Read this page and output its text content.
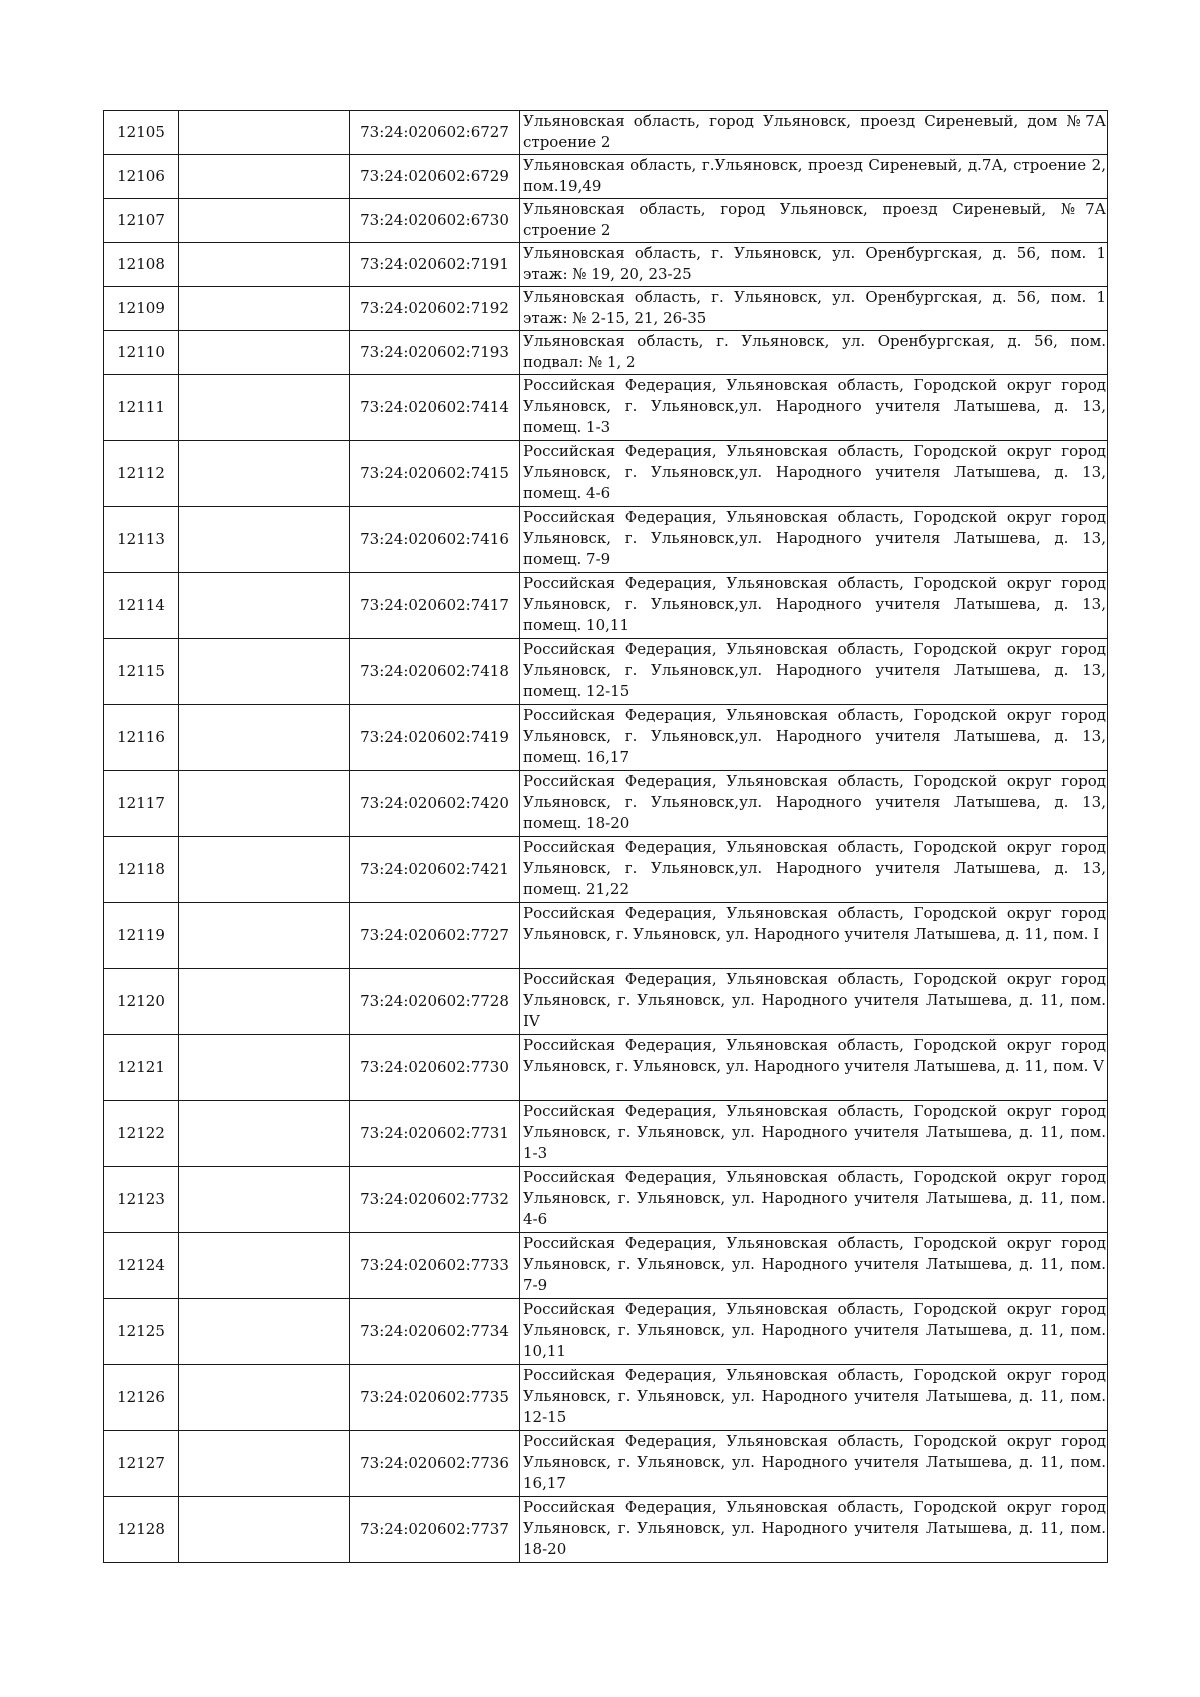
12105		73:24:020602:6727	Ульяновская область, город Ульяновск, проезд Сиреневый, дом №7А строение 2

12106		73:24:020602:6729	Ульяновская область, г.Ульяновск, проезд Сиреневый, д.7А, строение 2, пом.19,49

12107		73:24:020602:6730	Ульяновская область, город Ульяновск, проезд Сиреневый, №7А строение 2

12108		73:24:020602:7191	Ульяновская область, г. Ульяновск, ул. Оренбургская, д. 56, пом. 1 этаж: № 19, 20, 23-25

12109		73:24:020602:7192	Ульяновская область, г. Ульяновск, ул. Оренбургская, д. 56, пом. 1 этаж: № 2-15, 21, 26-35

12110		73:24:020602:7193	Ульяновская область, г. Ульяновск, ул. Оренбургская, д. 56, пом. подвал: № 1, 2

12111		73:24:020602:7414	Российская Федерация, Ульяновская область, Городской округ город Ульяновск, г. Ульяновск,ул. Народного учителя Латышева, д. 13, помещ. 1-3

12112		73:24:020602:7415	Российская Федерация, Ульяновская область, Городской округ город Ульяновск, г. Ульяновск,ул. Народного учителя Латышева, д. 13, помещ. 4-6

12113		73:24:020602:7416	Российская Федерация, Ульяновская область, Городской округ город Ульяновск, г. Ульяновск,ул. Народного учителя Латышева, д. 13, помещ. 7-9

12114		73:24:020602:7417	Российская Федерация, Ульяновская область, Городской округ город Ульяновск, г. Ульяновск,ул. Народного учителя Латышева, д. 13, помещ. 10,11

12115		73:24:020602:7418	Российская Федерация, Ульяновская область, Городской округ город Ульяновск, г. Ульяновск,ул. Народного учителя Латышева, д. 13, помещ. 12-15

12116		73:24:020602:7419	Российская Федерация, Ульяновская область, Городской округ город Ульяновск, г. Ульяновск,ул. Народного учителя Латышева, д. 13, помещ. 16,17

12117		73:24:020602:7420	Российская Федерация, Ульяновская область, Городской округ город Ульяновск, г. Ульяновск,ул. Народного учителя Латышева, д. 13, помещ. 18-20

12118		73:24:020602:7421	Российская Федерация, Ульяновская область, Городской округ город Ульяновск, г. Ульяновск,ул. Народного учителя Латышева, д. 13, помещ. 21,22

12119		73:24:020602:7727	Российская Федерация, Ульяновская область, Городской округ город Ульяновск, г. Ульяновск, ул. Народного учителя Латышева, д. 11, пом. I

12120		73:24:020602:7728	Российская Федерация, Ульяновская область, Городской округ город Ульяновск, г. Ульяновск, ул. Народного учителя Латышева, д. 11, пом. IV

12121		73:24:020602:7730	Российская Федерация, Ульяновская область, Городской округ город Ульяновск, г. Ульяновск, ул. Народного учителя Латышева, д. 11, пом. V

12122		73:24:020602:7731	Российская Федерация, Ульяновская область, Городской округ город Ульяновск, г. Ульяновск, ул. Народного учителя Латышева, д. 11, пом. 1-3

12123		73:24:020602:7732	Российская Федерация, Ульяновская область, Городской округ город Ульяновск, г. Ульяновск, ул. Народного учителя Латышева, д. 11, пом. 4-6

12124		73:24:020602:7733	Российская Федерация, Ульяновская область, Городской округ город Ульяновск, г. Ульяновск, ул. Народного учителя Латышева, д. 11, пом. 7-9

12125		73:24:020602:7734	Российская Федерация, Ульяновская область, Городской округ город Ульяновск, г. Ульяновск, ул. Народного учителя Латышева, д. 11, пом. 10,11

12126		73:24:020602:7735	Российская Федерация, Ульяновская область, Городской округ город Ульяновск, г. Ульяновск, ул. Народного учителя Латышева, д. 11, пом. 12-15

12127		73:24:020602:7736	Российская Федерация, Ульяновская область, Городской округ город Ульяновск, г. Ульяновск, ул. Народного учителя Латышева, д. 11, пом. 16,17

12128		73:24:020602:7737	Российская Федерация, Ульяновская область, Городской округ город Ульяновск, г. Ульяновск, ул. Народного учителя Латышева, д. 11, пом. 18-20
